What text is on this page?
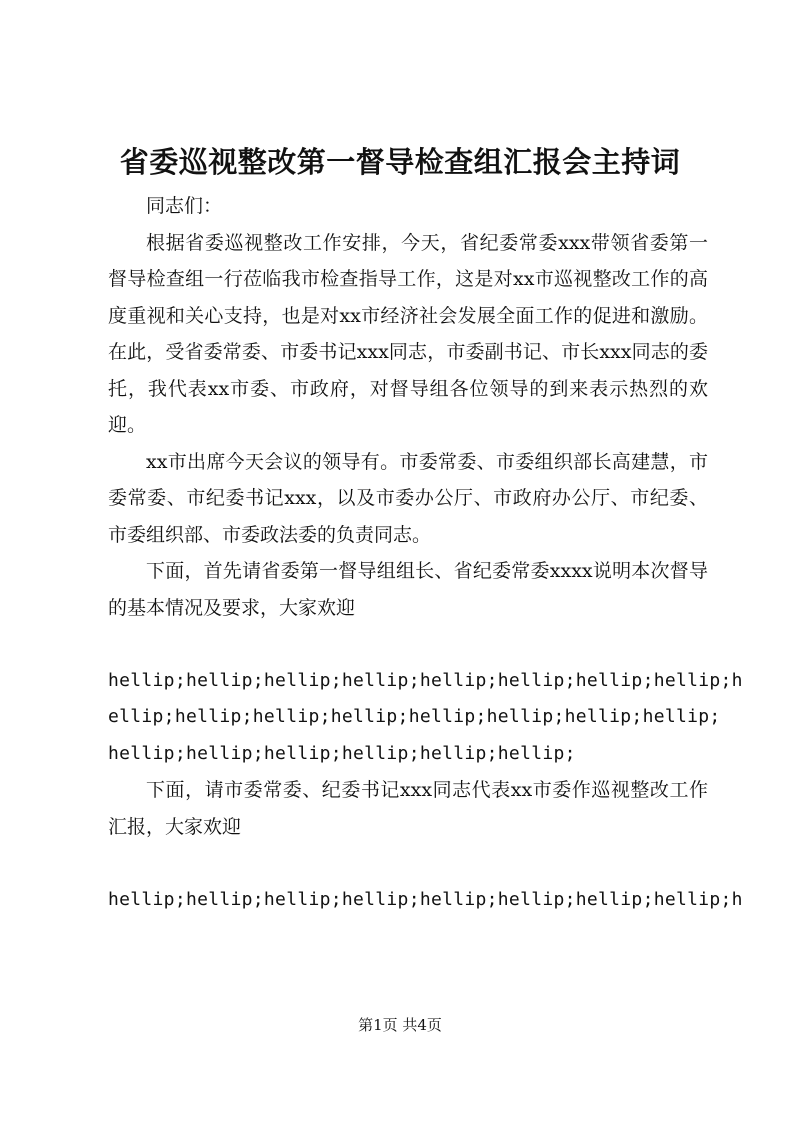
省委巡视整改第一督导检查组汇报会主持词

同志们：

根据省委巡视整改工作安排，今天，省纪委常委xxx带领省委第一督导检查组一行莅临我市检查指导工作，这是对xx市巡视整改工作的高度重视和关心支持，也是对xx市经济社会发展全面工作的促进和激励。在此，受省委常委、市委书记xxx同志，市委副书记、市长xxx同志的委托，我代表xx市委、市政府，对督导组各位领导的到来表示热烈的欢迎。

xx市出席今天会议的领导有。市委常委、市委组织部长高建慧，市委常委、市纪委书记xxx，以及市委办公厅、市政府办公厅、市纪委、市委组织部、市委政法委的负责同志。

下面，首先请省委第一督导组组长、省纪委常委xxxx说明本次督导的基本情况及要求，大家欢迎

hellip;hellip;hellip;hellip;hellip;hellip;hellip;hellip;h

ellip;hellip;hellip;hellip;hellip;hellip;hellip;hellip;

hellip;hellip;hellip;hellip;hellip;hellip;

下面，请市委常委、纪委书记xxx同志代表xx市委作巡视整改工作汇报，大家欢迎

hellip;hellip;hellip;hellip;hellip;hellip;hellip;hellip;h

第1页 共4页
